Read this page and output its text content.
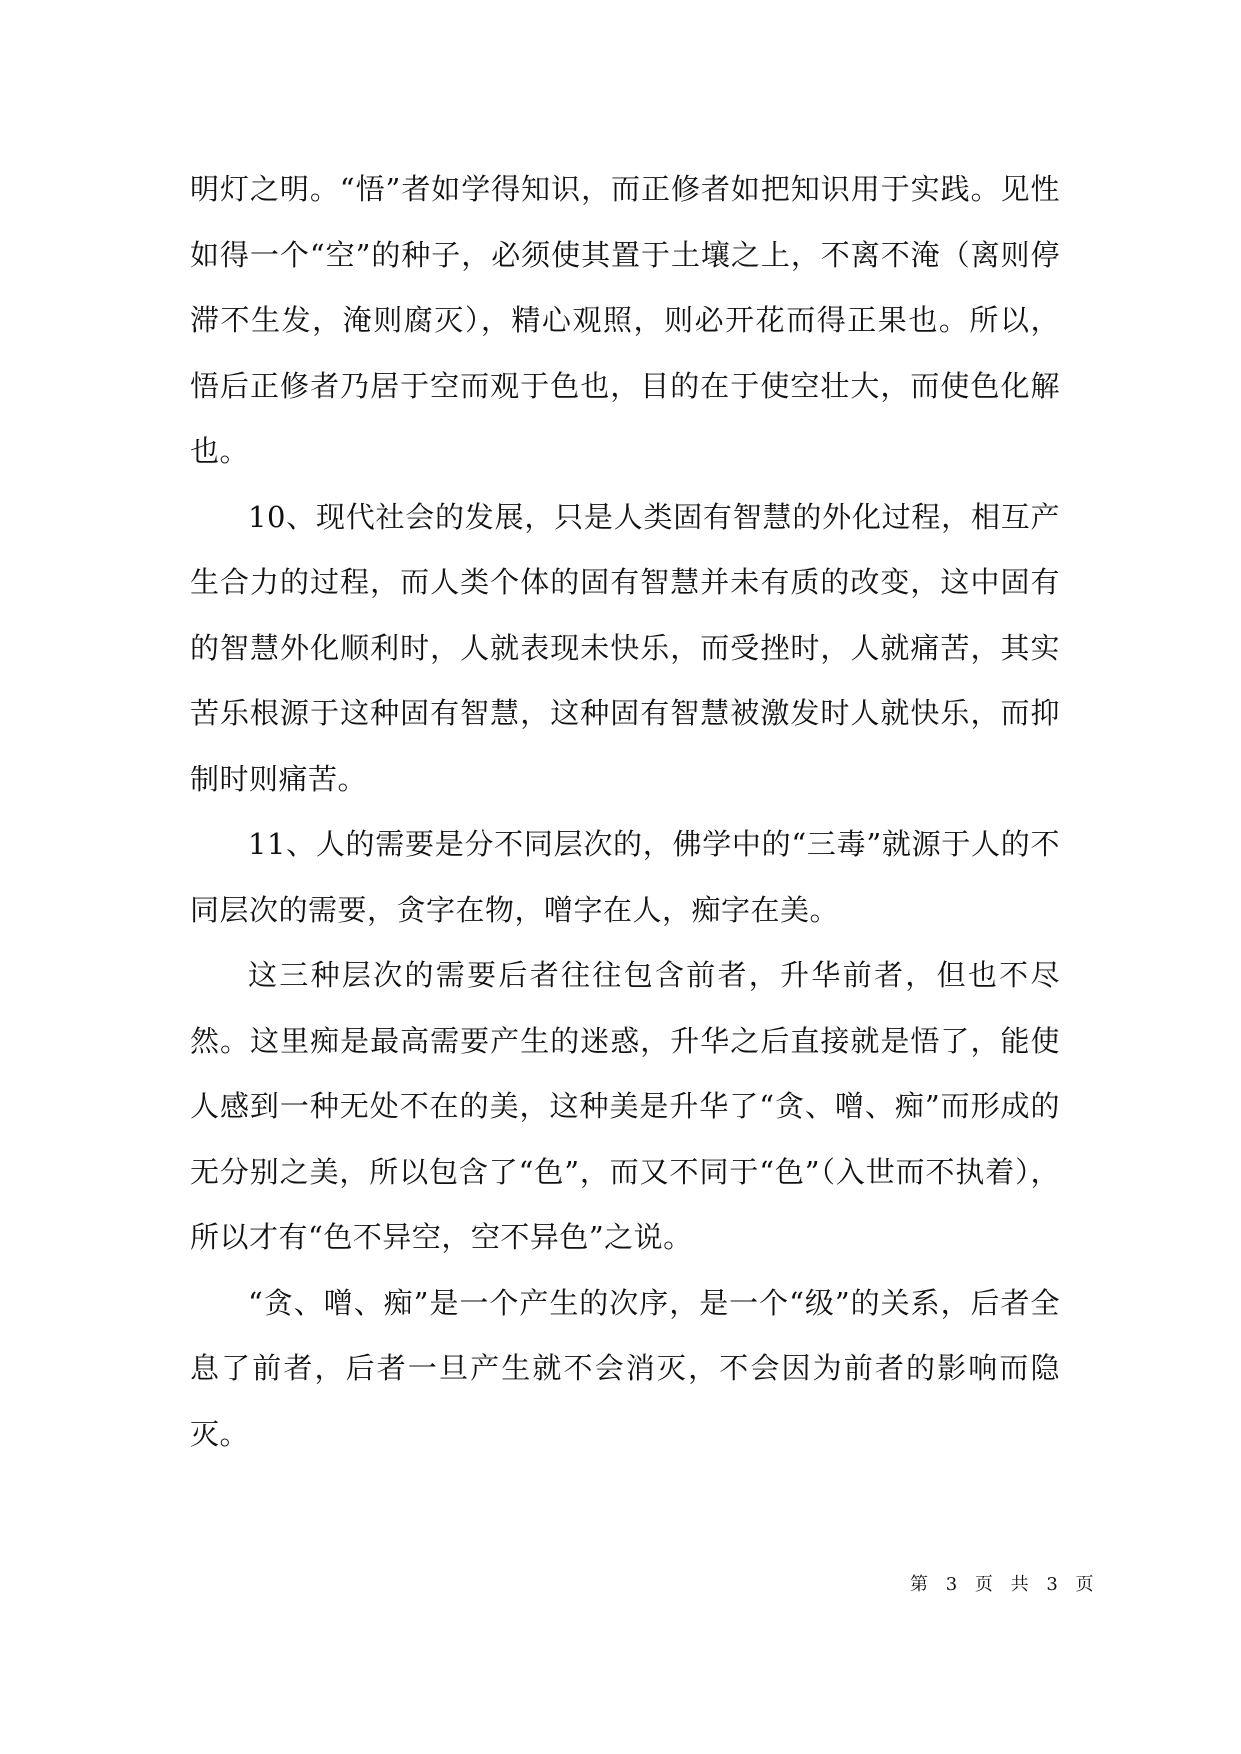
明灯之明。“悟”者如学得知识，而正修者如把知识用于实践。见性如得一个“空”的种子，必须使其置于土壤之上，不离不淹（离则停滞不生发，淹则腐灭），精心观照，则必开花而得正果也。所以，悟后正修者乃居于空而观于色也，目的在于使空壮大，而使色化解也。

10、现代社会的发展，只是人类固有智慧的外化过程，相互产生合力的过程，而人类个体的固有智慧并未有质的改变，这中固有的智慧外化顺利时，人就表现未快乐，而受挫时，人就痛苦，其实苦乐根源于这种固有智慧，这种固有智慧被激发时人就快乐，而抑制时则痛苦。

11、人的需要是分不同层次的，佛学中的“三毒”就源于人的不同层次的需要，贪字在物，噌字在人，痴字在美。

这三种层次的需要后者往往包含前者，升华前者，但也不尽然。这里痴是最高需要产生的迷惑，升华之后直接就是悟了，能使人感到一种无处不在的美，这种美是升华了“贪、噌、痴”而形成的无分别之美，所以包含了“色”，而又不同于“色”（入世而不执着），所以才有“色不异空，空不异色”之说。

“贪、噌、痴”是一个产生的次序，是一个“级”的关系，后者全息了前者，后者一旦产生就不会消灭，不会因为前者的影响而隐灭。

第 3 页 共 3 页
